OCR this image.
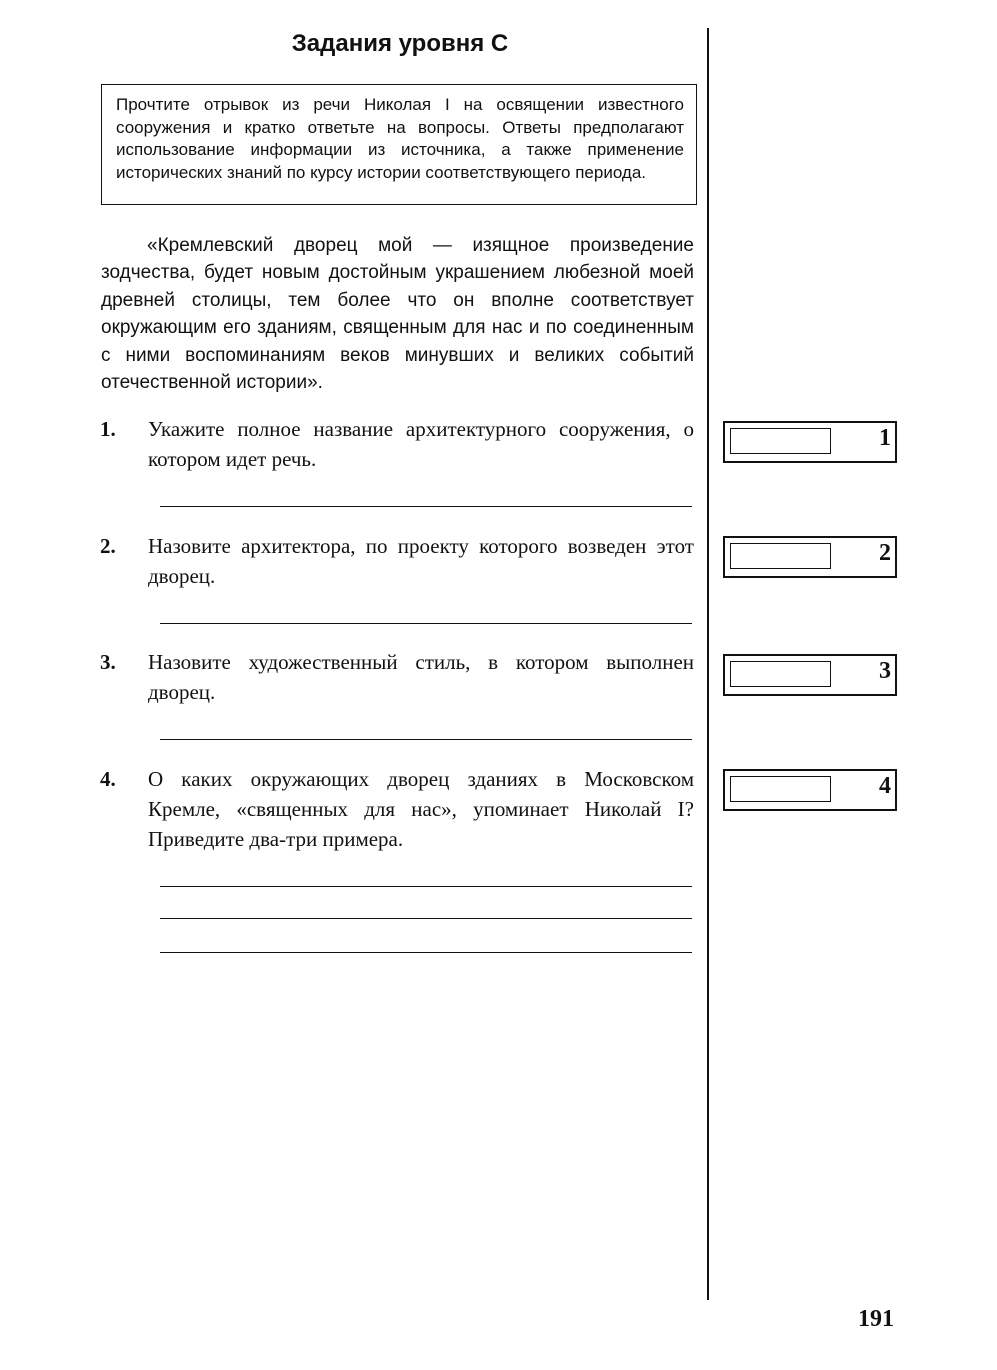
Задания уровня С
Прочтите отрывок из речи Николая I на освящении известного сооружения и кратко ответьте на вопросы. Ответы предполагают использование информации из источника, а также применение исторических знаний по курсу истории соответствующего периода.

«Кремлевский дворец мой — изящное произведение зодчества, будет новым достойным украшением любезной моей древней столицы, тем более что он вполне соответствует окружающим его зданиям, священным для нас и по соединенным с ними воспоминаниям веков минувших и великих событий отечественной истории».

1. Укажите полное название архитектурного сооружения, о котором идет речь.
1
2. Назовите архитектора, по проекту которого возведен этот дворец.
2
3. Назовите художественный стиль, в котором выполнен дворец.
3
4. О каких окружающих дворец зданиях в Московском Кремле, «священных для нас», упоминает Николай I? Приведите два-три примера.
4
191
